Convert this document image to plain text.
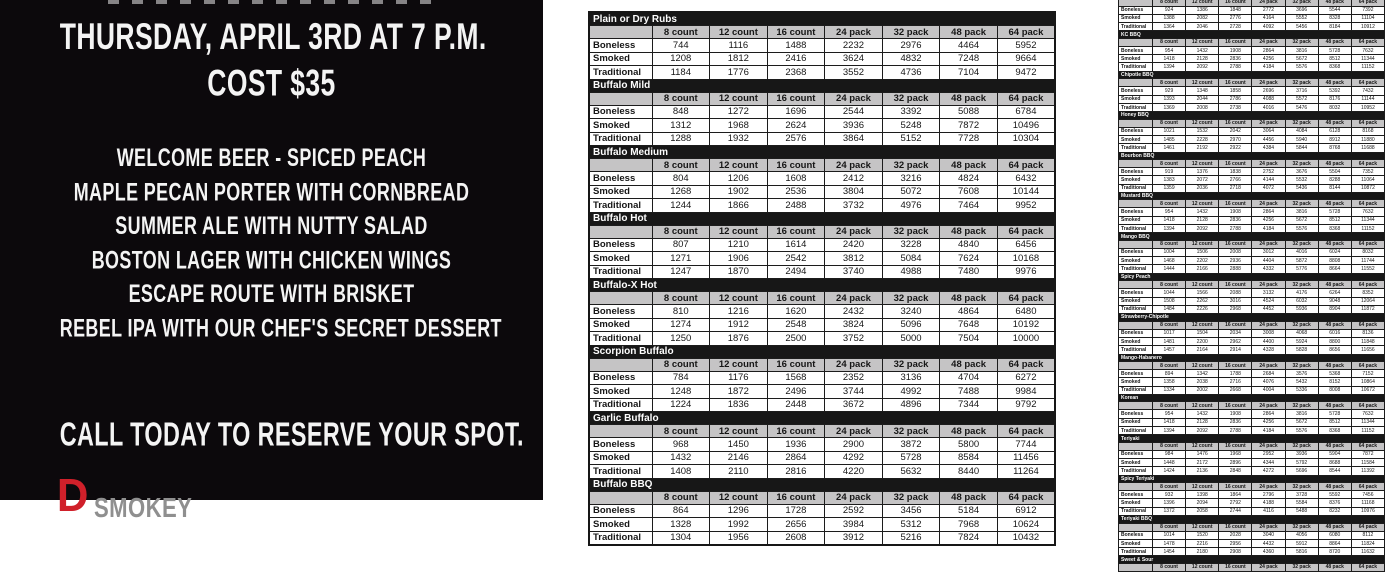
THURSDAY, APRIL 3RD AT 7 P.M.
COST $35
WELCOME BEER - SPICED PEACH
MAPLE PECAN PORTER WITH CORNBREAD
SUMMER ALE WITH NUTTY SALAD
BOSTON LAGER WITH CHICKEN WINGS
ESCAPE ROUTE WITH BRISKET
REBEL IPA WITH OUR CHEF'S SECRET DESSERT
CALL TODAY TO RESERVE YOUR SPOT.
D SMOKEY
Plain or Dry Rubs							
	8 count	12 count	16 count	24 pack	32 pack	48 pack	64 pack
Boneless	744	1116	1488	2232	2976	4464	5952
Smoked	1208	1812	2416	3624	4832	7248	9664
Traditional	1184	1776	2368	3552	4736	7104	9472
Buffalo Mild							
	8 count	12 count	16 count	24 pack	32 pack	48 pack	64 pack
Boneless	848	1272	1696	2544	3392	5088	6784
Smoked	1312	1968	2624	3936	5248	7872	10496
Traditional	1288	1932	2576	3864	5152	7728	10304
Buffalo Medium							
	8 count	12 count	16 count	24 pack	32 pack	48 pack	64 pack
Boneless	804	1206	1608	2412	3216	4824	6432
Smoked	1268	1902	2536	3804	5072	7608	10144
Traditional	1244	1866	2488	3732	4976	7464	9952
Buffalo Hot							
	8 count	12 count	16 count	24 pack	32 pack	48 pack	64 pack
Boneless	807	1210	1614	2420	3228	4840	6456
Smoked	1271	1906	2542	3812	5084	7624	10168
Traditional	1247	1870	2494	3740	4988	7480	9976
Buffalo-X Hot							
	8 count	12 count	16 count	24 pack	32 pack	48 pack	64 pack
Boneless	810	1216	1620	2432	3240	4864	6480
Smoked	1274	1912	2548	3824	5096	7648	10192
Traditional	1250	1876	2500	3752	5000	7504	10000
Scorpion Buffalo							
	8 count	12 count	16 count	24 pack	32 pack	48 pack	64 pack
Boneless	784	1176	1568	2352	3136	4704	6272
Smoked	1248	1872	2496	3744	4992	7488	9984
Traditional	1224	1836	2448	3672	4896	7344	9792
Garlic Buffalo							
	8 count	12 count	16 count	24 pack	32 pack	48 pack	64 pack
Boneless	968	1450	1936	2900	3872	5800	7744
Smoked	1432	2146	2864	4292	5728	8584	11456
Traditional	1408	2110	2816	4220	5632	8440	11264
Buffalo BBQ							
	8 count	12 count	16 count	24 pack	32 pack	48 pack	64 pack
Boneless	864	1296	1728	2592	3456	5184	6912
Smoked	1328	1992	2656	3984	5312	7968	10624
Traditional	1304	1956	2608	3912	5216	7824	10432

	8 count	12 count	16 count	24 pack	32 pack	48 pack	64 pack
Boneless	924	1386	1848	2772	3696	5544	7392
Smoked	1388	2082	2776	4164	5552	8328	11104
Traditional	1364	2046	2728	4092	5456	8184	10912
KC BBQ							
	8 count	12 count	16 count	24 pack	32 pack	48 pack	64 pack
Boneless	954	1432	1908	2864	3816	5728	7632
Smoked	1418	2128	2836	4256	5672	8512	11344
Traditional	1394	2092	2788	4184	5576	8368	11152
Chipotle BBQ							
	8 count	12 count	16 count	24 pack	32 pack	48 pack	64 pack
Boneless	929	1348	1858	2696	3716	5392	7432
Smoked	1393	2044	2786	4088	5572	8176	11144
Traditional	1369	2008	2738	4016	5476	8032	10952
Honey BBQ							
	8 count	12 count	16 count	24 pack	32 pack	48 pack	64 pack
Boneless	1021	1532	2042	3064	4084	6128	8168
Smoked	1485	2228	2970	4456	5940	8912	11880
Traditional	1461	2192	2922	4384	5844	8768	11688
Bourbon BBQ							
	8 count	12 count	16 count	24 pack	32 pack	48 pack	64 pack
Boneless	919	1376	1838	2752	3676	5504	7352
Smoked	1383	2072	2766	4144	5532	8288	11064
Traditional	1359	2036	2718	4072	5436	8144	10872
Mustard BBQ							
	8 count	12 count	16 count	24 pack	32 pack	48 pack	64 pack
Boneless	954	1432	1908	2864	3816	5728	7632
Smoked	1418	2128	2836	4256	5672	8512	11344
Traditional	1394	2092	2788	4184	5576	8368	11152
Mango BBQ							
	8 count	12 count	16 count	24 pack	32 pack	48 pack	64 pack
Boneless	1004	1506	2008	3012	4016	6024	8032
Smoked	1468	2202	2936	4404	5872	8808	11744
Traditional	1444	2166	2888	4332	5776	8664	11552
Spicy Peach							
	8 count	12 count	16 count	24 pack	32 pack	48 pack	64 pack
Boneless	1044	1566	2088	3132	4176	6264	8352
Smoked	1508	2262	3016	4524	6032	9048	12064
Traditional	1484	2226	2968	4452	5936	8904	11872
Strawberry-Chipotle							
	8 count	12 count	16 count	24 pack	32 pack	48 pack	64 pack
Boneless	1017	1504	2034	3008	4068	6016	8136
Smoked	1481	2200	2962	4400	5924	8800	11848
Traditional	1457	2164	2914	4328	5828	8656	11656
Mango-Habanero							
	8 count	12 count	16 count	24 pack	32 pack	48 pack	64 pack
Boneless	894	1342	1788	2684	3576	5368	7152
Smoked	1358	2038	2716	4076	5432	8152	10864
Traditional	1334	2002	2668	4004	5336	8008	10672
Korean							
	8 count	12 count	16 count	24 pack	32 pack	48 pack	64 pack
Boneless	954	1432	1908	2864	3816	5728	7632
Smoked	1418	2128	2836	4256	5672	8512	11344
Traditional	1394	2092	2788	4184	5576	8368	11152
Teriyaki							
	8 count	12 count	16 count	24 pack	32 pack	48 pack	64 pack
Boneless	984	1476	1968	2952	3936	5904	7872
Smoked	1448	2172	2896	4344	5792	8688	11584
Traditional	1424	2136	2848	4272	5696	8544	11392
Spicy Teriyaki							
	8 count	12 count	16 count	24 pack	32 pack	48 pack	64 pack
Boneless	932	1398	1864	2796	3728	5592	7456
Smoked	1396	2094	2792	4188	5584	8376	11168
Traditional	1372	2058	2744	4116	5488	8232	10976
Teriyaki BBQ							
	8 count	12 count	16 count	24 pack	32 pack	48 pack	64 pack
Boneless	1014	1520	2028	3040	4056	6080	8112
Smoked	1478	2216	2956	4432	5912	8864	11824
Traditional	1454	2180	2908	4360	5816	8720	11632
Sweet & Sour							
	8 count	12 count	16 count	24 pack	32 pack	48 pack	64 pack
